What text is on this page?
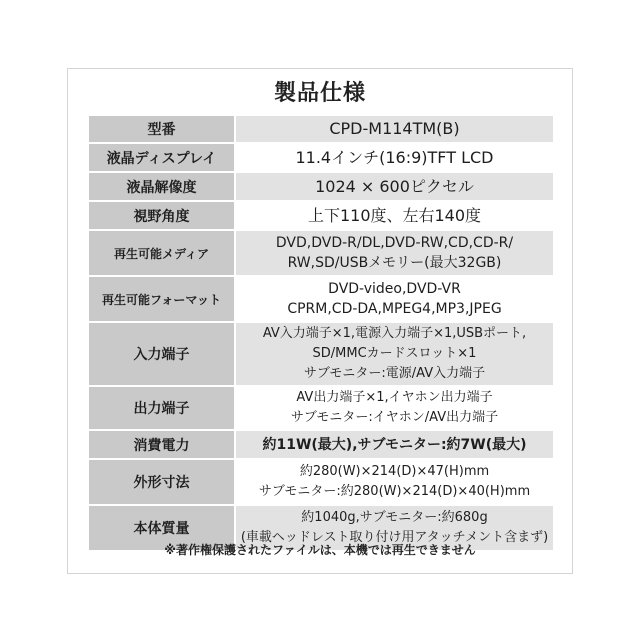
製品仕様
型番	CPD-M114TM(B)

液晶ディスプレイ	11.4インチ(16:9)TFT LCD

液晶解像度	1024 × 600ピクセル

視野角度	上下110度、左右140度

再生可能メディア	DVD,DVD-R/DL,DVD-RW,CD,CD-R/
RW,SD/USBメモリー(最大32GB)

再生可能フォーマット	DVD-video,DVD-VR
CPRM,CD-DA,MPEG4,MP3,JPEG

入力端子	AV入力端子×1,電源入力端子×1,USBポート,
SD/MMCカードスロット×1
サブモニター:電源/AV入力端子

出力端子	AV出力端子×1,イヤホン出力端子
サブモニター:イヤホン/AV出力端子

消費電力	約11W(最大),サブモニター:約7W(最大)

外形寸法	約280(W)×214(D)×47(H)mm
サブモニター:約280(W)×214(D)×40(H)mm

本体質量	約1040g,サブモニター:約680g
(車載ヘッドレスト取り付け用アタッチメント含まず)
※著作権保護されたファイルは、本機では再生できません
